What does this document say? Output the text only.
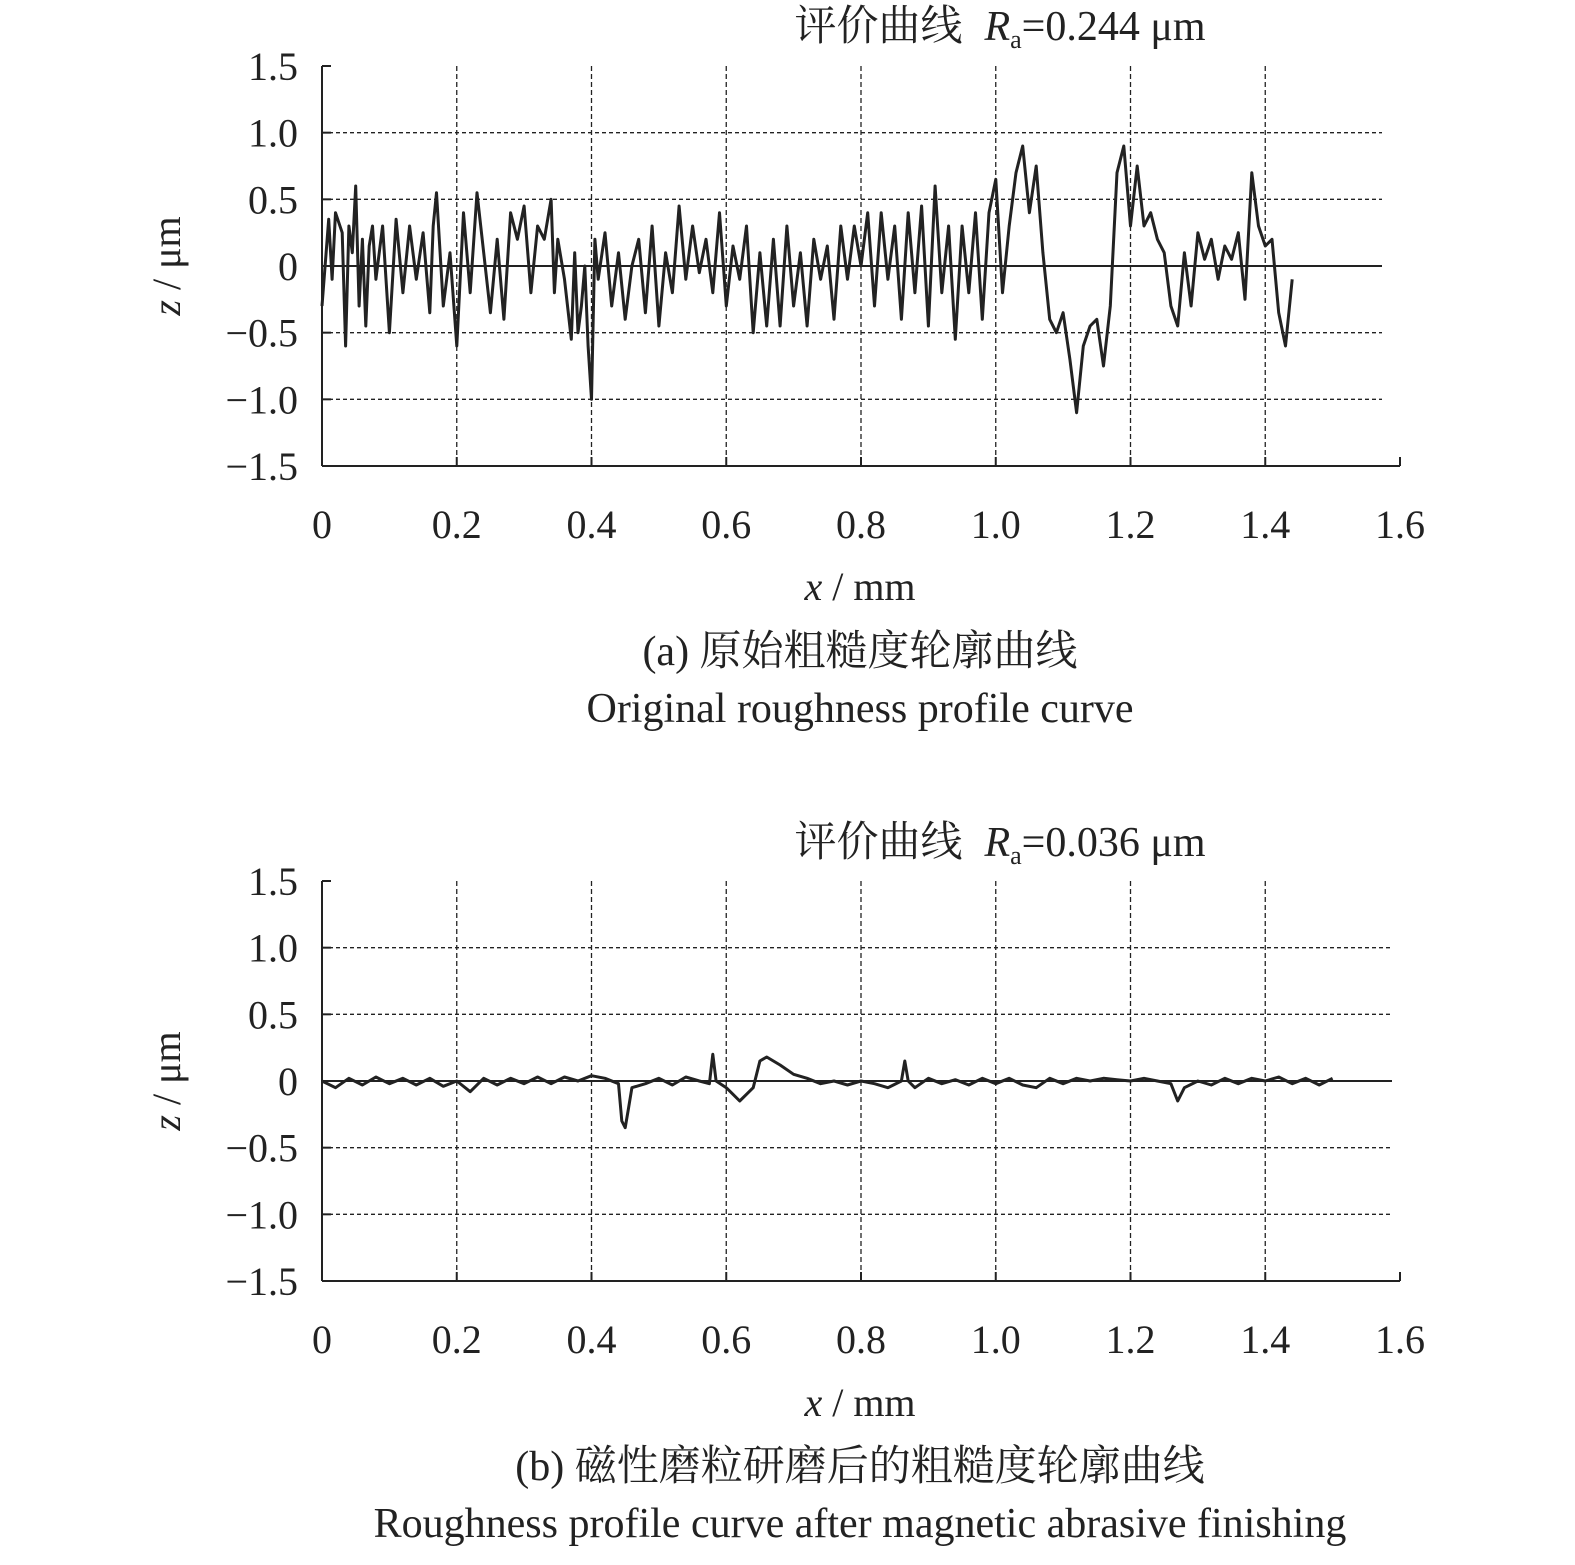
评价曲线 Ra=0.244 μm
0 0.2 0.4 0.6 0.8 1.0 1.2 1.4 1.6
1.5
1.0
0.5
0
−0.5
−1.0
−1.5
x / mm
z / μm
(a) 原始粗糙度轮廓曲线
Original roughness profile curve
评价曲线 Ra=0.036 μm
0 0.2 0.4 0.6 0.8 1.0 1.2 1.4 1.6
1.5
1.0
0.5
0
−0.5
−1.0
−1.5
x / mm
z / μm
(b) 磁性磨粒研磨后的粗糙度轮廓曲线
Roughness profile curve after magnetic abrasive finishing
